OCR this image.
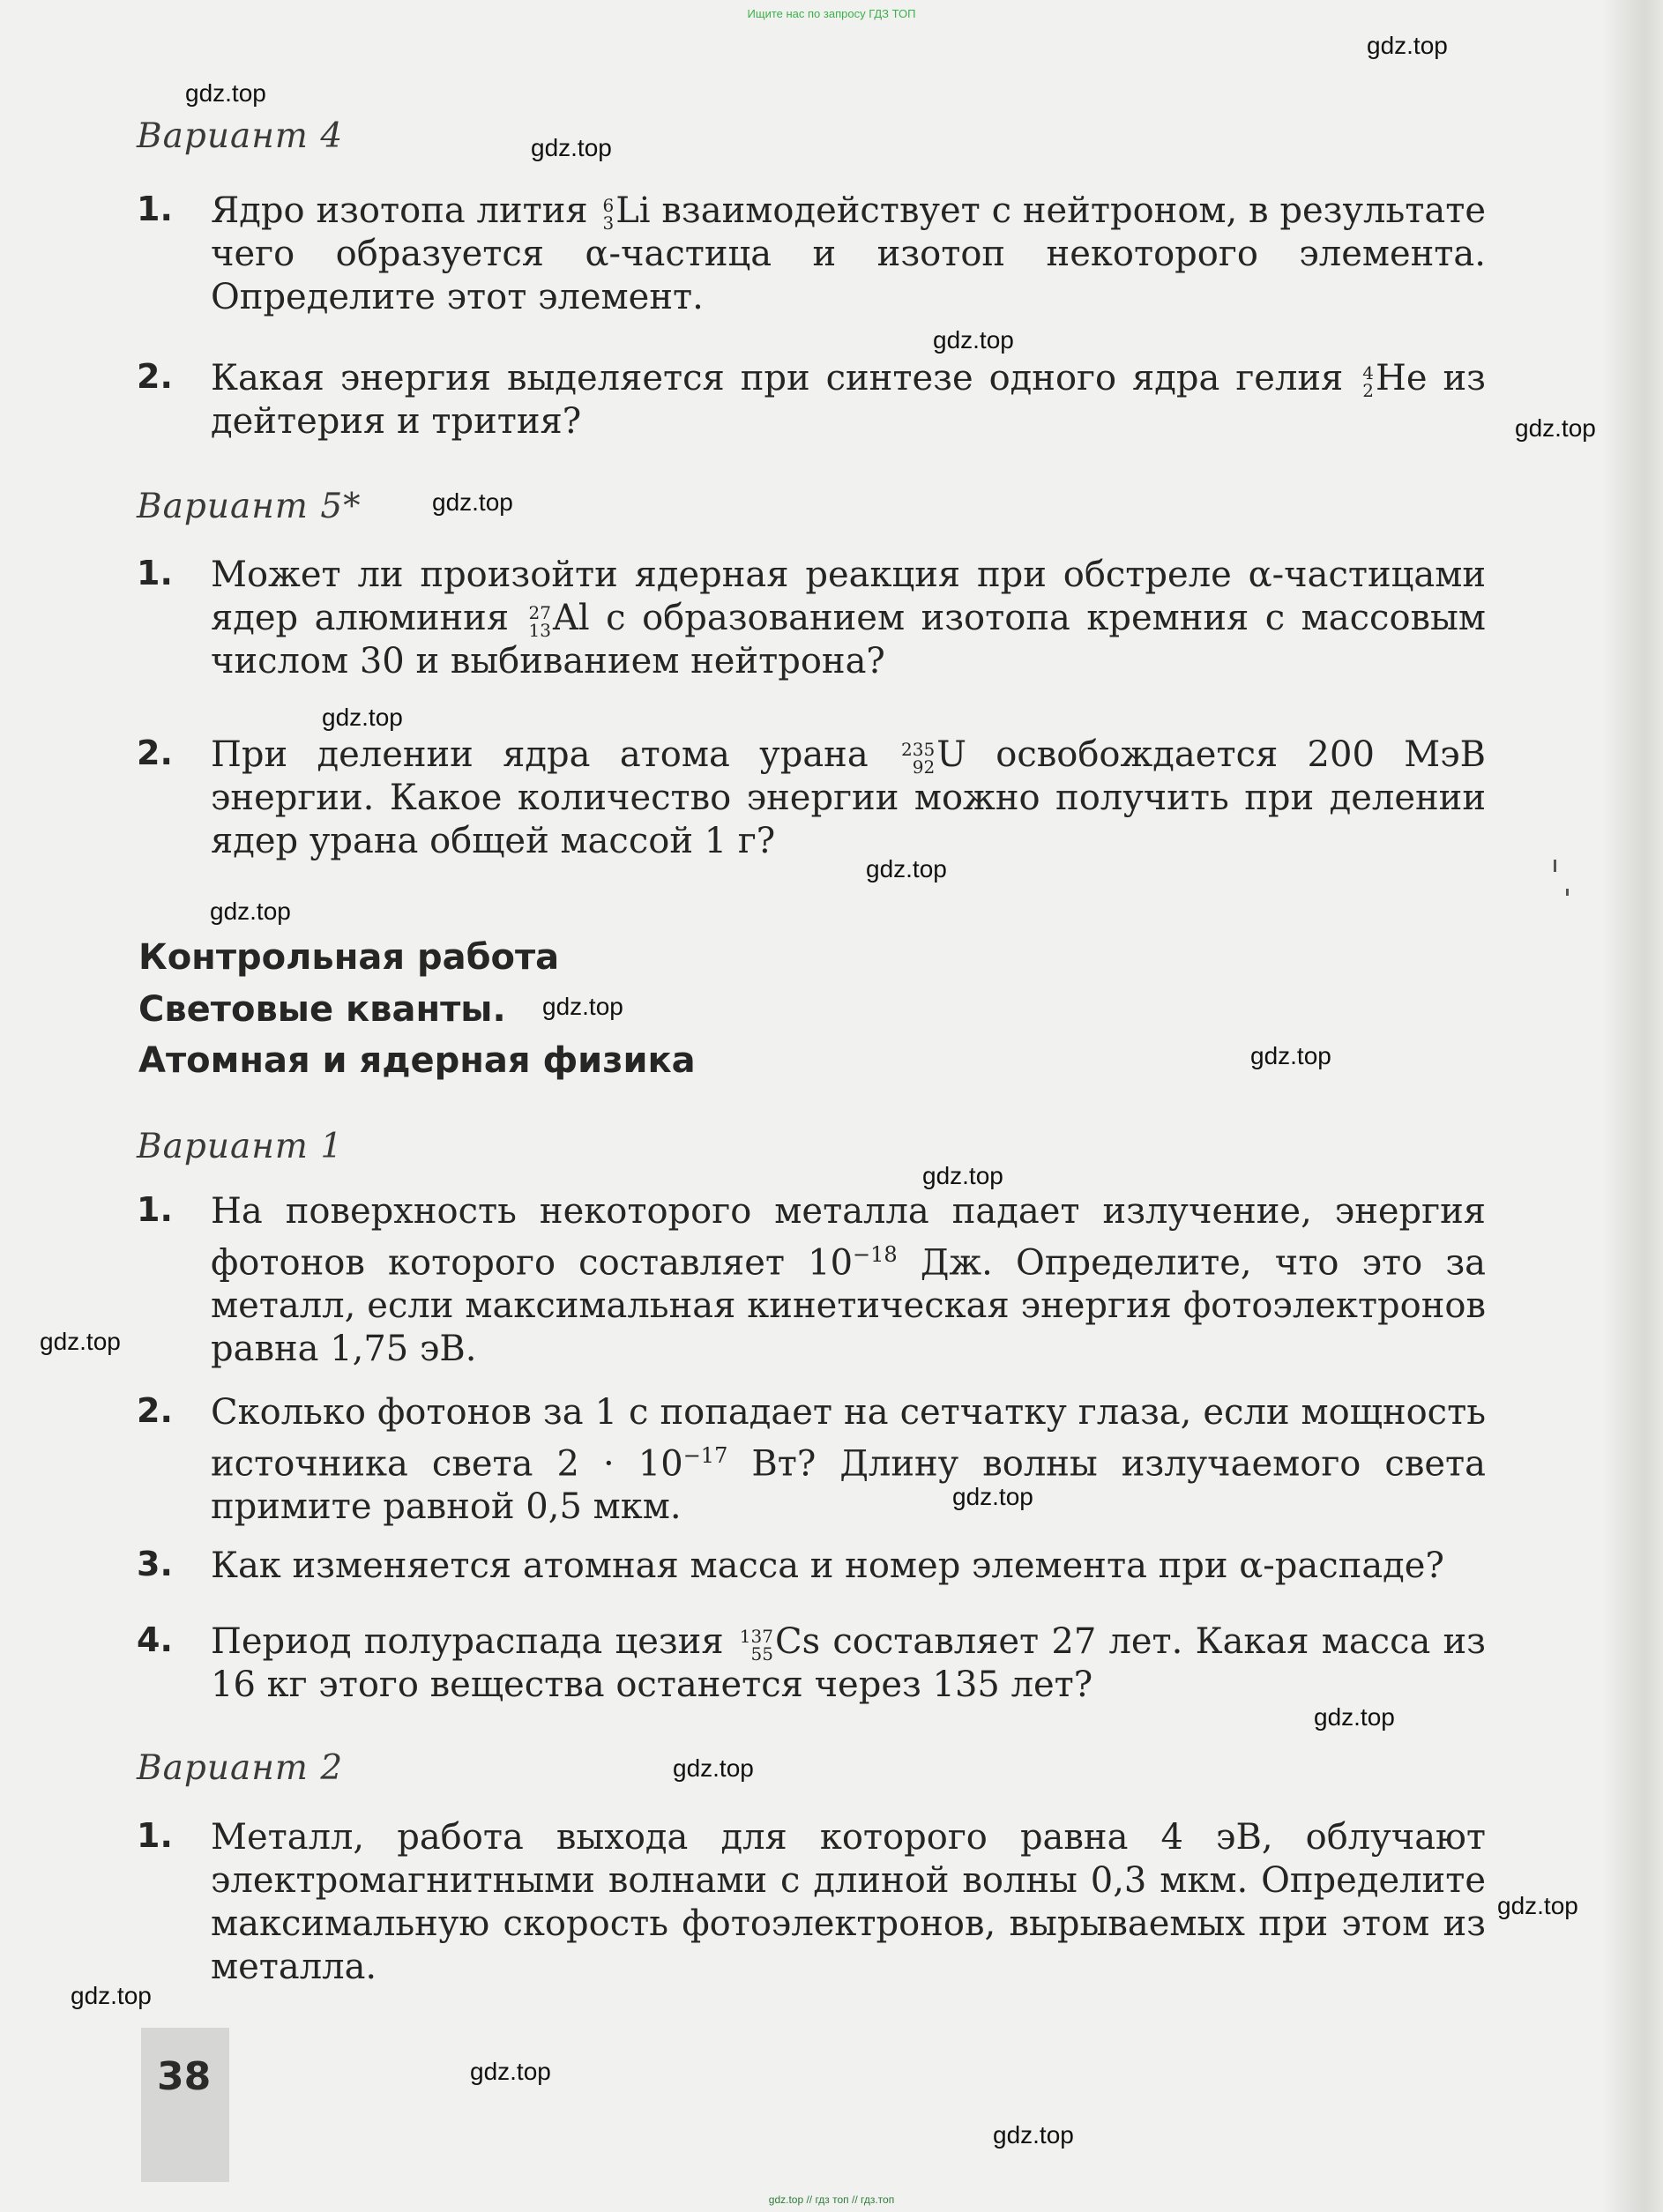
Ищите нас по запросу ГДЗ ТОП
gdz.top
gdz.top
gdz.top
gdz.top
gdz.top
gdz.top
gdz.top
gdz.top
gdz.top
gdz.top
gdz.top
gdz.top
gdz.top
gdz.top
gdz.top
gdz.top
gdz.top
gdz.top
gdz.top
gdz.top
Вариант 4
1. Ядро изотопа лития 6
3 Li взаимодействует с нейтроном, в результате чего образуется α-частица и изотоп некоторого элемента. Определите этот элемент.
2. Какая энергия выделяется при синтезе одного ядра гелия 4
2 He из дейтерия и трития?
Вариант 5*
1. Может ли произойти ядерная реакция при обстреле α-частицами ядер алюминия 27
13 Al с образованием изотопа кремния с массовым числом 30 и выбиванием нейтрона?
2. При делении ядра атома урана 235
92 U освобождается 200 МэВ энергии. Какое количество энергии можно получить при делении ядер урана общей массой 1 г?
Контрольная работа
Световые кванты.
Атомная и ядерная физика
Вариант 1
1. На поверхность некоторого металла падает излучение, энергия фотонов которого составляет $10^{-18}$ Дж. Определите, что это за металл, если максимальная кинетическая энергия фотоэлектронов равна 1,75 эВ.
2. Сколько фотонов за 1 с попадает на сетчатку глаза, если мощность источника света $2 \cdot 10^{-17}$ Вт? Длину волны излучаемого света примите равной 0,5 мкм.
3. Как изменяется атомная масса и номер элемента при α-распаде?
4. Период полураспада цезия 137
55 Cs составляет 27 лет. Какая масса из 16 кг этого вещества останется через 135 лет?
Вариант 2
1. Металл, работа выхода для которого равна 4 эВ, облучают электромагнитными волнами с длиной волны 0,3 мкм. Определите максимальную скорость фотоэлектронов, вырываемых при этом из металла.
38
gdz.top // гдз топ // гдз.топ
